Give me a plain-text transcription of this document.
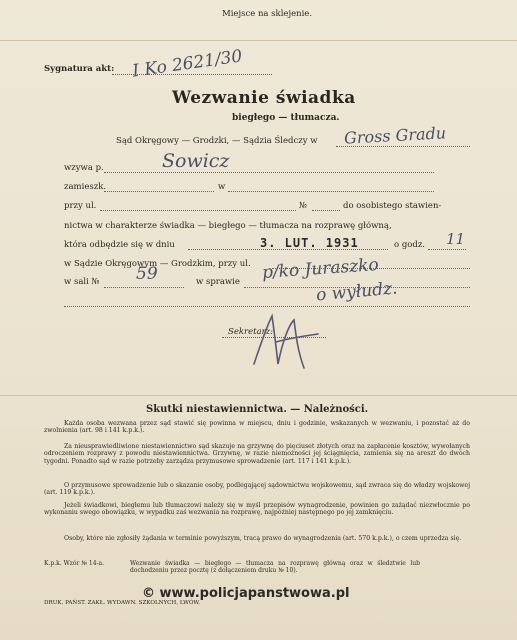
Miejsce na sklejenie.
Sygnatura akt: I Ko 2621/30
Wezwanie świadka
biegłego — tłumacza.
Sąd Okręgowy — Grodzki, — Sądzia Śledczy w Gross Gradu
wzywa p.	Sowicz
zamieszk.	w
przy ul.	№	do osobistego stawien-
nictwa w charakterze świadka — biegłego — tłumacza na rozprawę główną,
która odbędzie się w dniu	3. LUT. 1931	o godz. 11
w Sądzie Okręgowym — Grodzkim, przy ul.
w sali № 59	w sprawie p/ko Juraszko
o wyłudz.
Sekretarz:
Skutki niestawiennictwa. — Należności.
Każda osoba wezwana przez sąd stawić się powinna w miejscu, dniu i godzinie, wskazanych w wezwaniu, i pozostać aż do zwolnienia (art. 98 i 141 k.p.k.).
Za nieusprawiedliwione niestawiennictwo sąd skazuje na grzywnę do pięciuset złotych oraz na zapłacenie kosztów, wywołanych odroczeniem rozprawy z powodu niestawiennictwa. Grzywnę, w razie niemożności jej ściągnięcia, zamienia się na areszt do dwóch tygodni. Ponadto sąd w razie potrzeby zarządza przymusowe sprowadzenie (art. 117 i 141 k.p.k.).
O przymusowe sprowadzenie lub o skazanie osoby, podlegającej sądownictwu wojskowemu, sąd zwraca się do władzy wojskowej (art. 119 k.p.k.).
Jeżeli świadkowi, biegłemu lub tłumaczowi należy się w myśl przepisów wynagrodzenie, powinien go zażądać niezwłocznie po wykonaniu swego obowiązku, w wypadku zaś wezwania na rozprawę, najpóźniej następnego po jej zamknięciu.
Osoby, które nie zgłosiły żądania w terminie powyższym, tracą prawo do wynagrodzenia (art. 570 k.p.k.), o czem uprzedza się.
K.p.k. Wzór № 14-a.	Wezwanie świadka — biegłego — tłumacza na rozprawę główną oraz w śledztwie lub dochodzeniu przez pocztę (z dołączeniem druku № 10).
DRUK. PAŃST. ZAKŁ. WYDAWN. SZKOLNYCH, LWÓW.
© www.policjapanstwowa.pl
